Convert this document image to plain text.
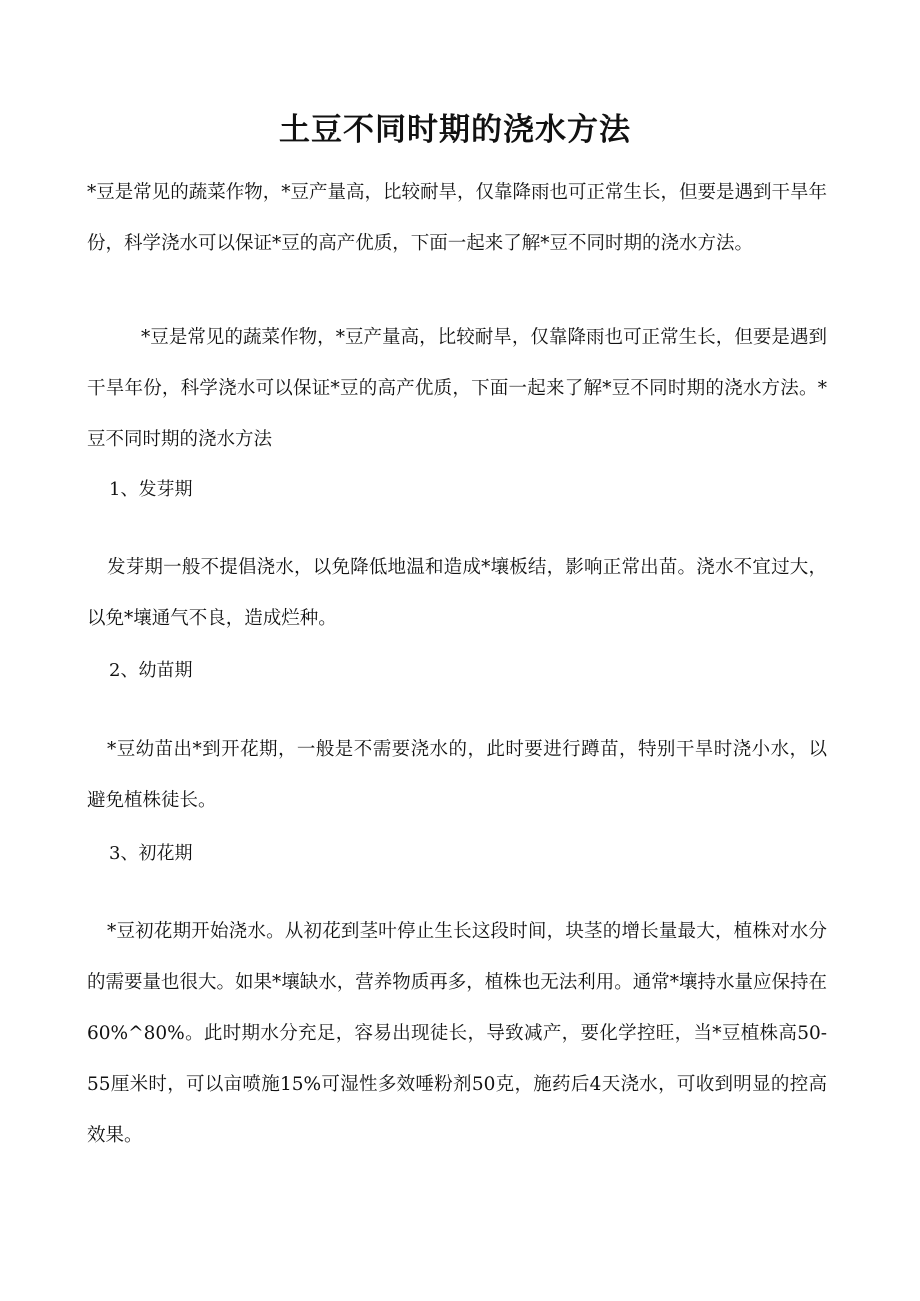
土豆不同时期的浇水方法

*豆是常见的蔬菜作物，*豆产量高，比较耐旱，仅靠降雨也可正常生长，但要是遇到干旱年份，科学浇水可以保证*豆的高产优质，下面一起来了解*豆不同时期的浇水方法。

*豆是常见的蔬菜作物，*豆产量高，比较耐旱，仅靠降雨也可正常生长，但要是遇到干旱年份，科学浇水可以保证*豆的高产优质，下面一起来了解*豆不同时期的浇水方法。*豆不同时期的浇水方法

1、发芽期

发芽期一般不提倡浇水，以免降低地温和造成*壤板结，影响正常出苗。浇水不宜过大，以免*壤通气不良，造成烂种。

2、幼苗期

*豆幼苗出*到开花期，一般是不需要浇水的，此时要进行蹲苗，特别干旱时浇小水，以避免植株徒长。

3、初花期

*豆初花期开始浇水。从初花到茎叶停止生长这段时间，块茎的增长量最大，植株对水分的需要量也很大。如果*壤缺水，营养物质再多，植株也无法利用。通常*壤持水量应保持在60%^80%。此时期水分充足，容易出现徒长，导致减产，要化学控旺，当*豆植株高50-55厘米时，可以亩喷施15%可湿性多效唾粉剂50克，施药后4天浇水，可收到明显的控高效果。
